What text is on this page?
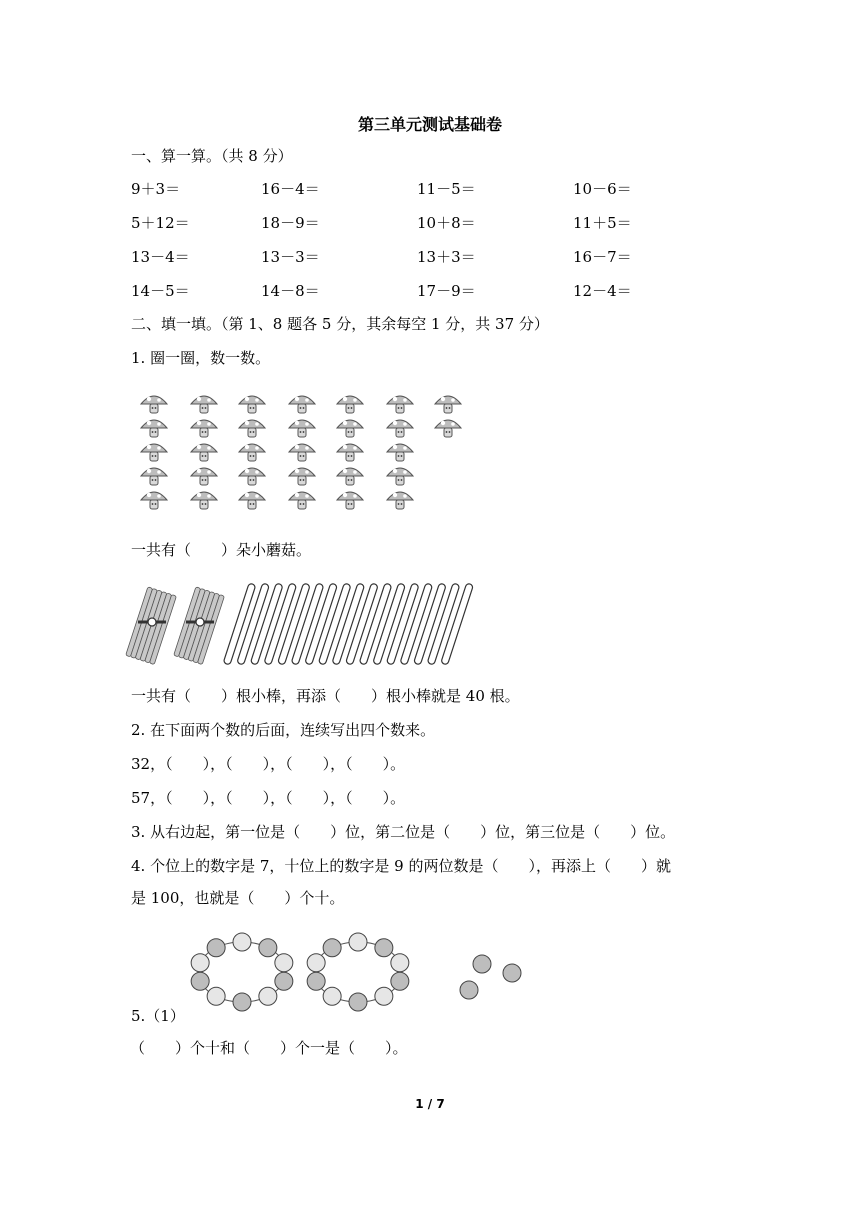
第三单元测试基础卷
一、算一算。（共 8 分）
9＋3＝	16－4＝	11－5＝	10－6＝
5＋12＝	18－9＝	10＋8＝	11＋5＝
13－4＝	13－3＝	13＋3＝	16－7＝
14－5＝	14－8＝	17－9＝	12－4＝
二、填一填。（第 1、8 题各 5 分，其余每空 1 分，共 37 分）
1. 圈一圈，数一数。
一共有（　　）朵小蘑菇。
一共有（　　）根小棒，再添（　　）根小棒就是 40 根。
2. 在下面两个数的后面，连续写出四个数来。
32，（　　），（　　），（　　），（　　）。
57，（　　），（　　），（　　），（　　）。
3. 从右边起，第一位是（　　）位，第二位是（　　）位，第三位是（　　）位。
4. 个位上的数字是 7，十位上的数字是 9 的两位数是（　　），再添上（　　）就
是 100，也就是（　　）个十。
5.（1）
（　　）个十和（　　）个一是（　　）。
1 / 7
